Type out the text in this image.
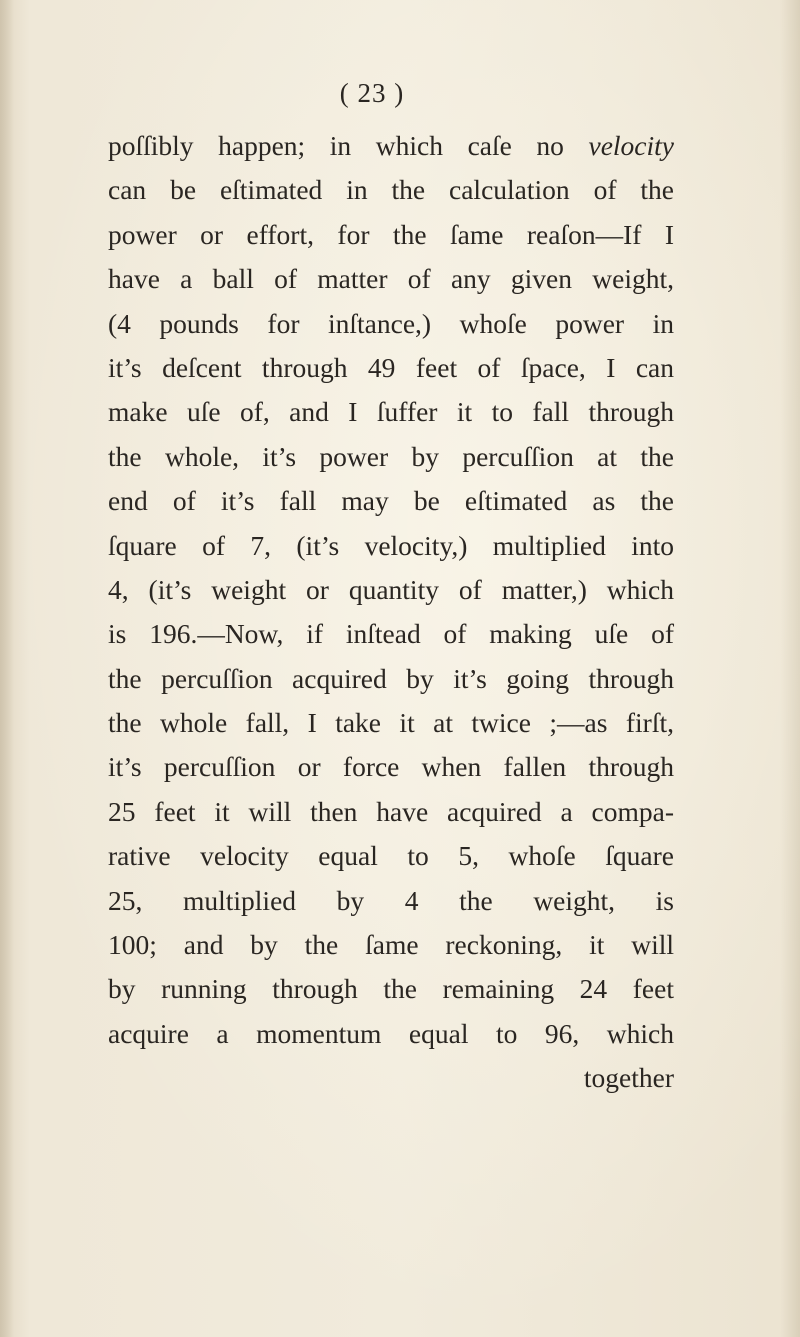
( 23 )
poſſibly happen; in which caſe no velocity
can be eſtimated in the calculation of the
power or effort, for the ſame reaſon—If I
have a ball of matter of any given weight,
(4 pounds for inſtance,) whoſe power in
it’s deſcent through 49 feet of ſpace, I can
make uſe of, and I ſuffer it to fall through
the whole, it’s power by percuſſion at the
end of it’s fall may be eſtimated as the
ſquare of 7, (it’s velocity,) multiplied into
4, (it’s weight or quantity of matter,) which
is 196.—Now, if inſtead of making uſe of
the percuſſion acquired by it’s going through
the whole fall, I take it at twice ;—as firſt,
it’s percuſſion or force when fallen through
25 feet it will then have acquired a compa-
rative velocity equal to 5, whoſe ſquare
25, multiplied by 4 the weight, is
100; and by the ſame reckoning, it will
by running through the remaining 24 feet
acquire a momentum equal to 96, which
together
